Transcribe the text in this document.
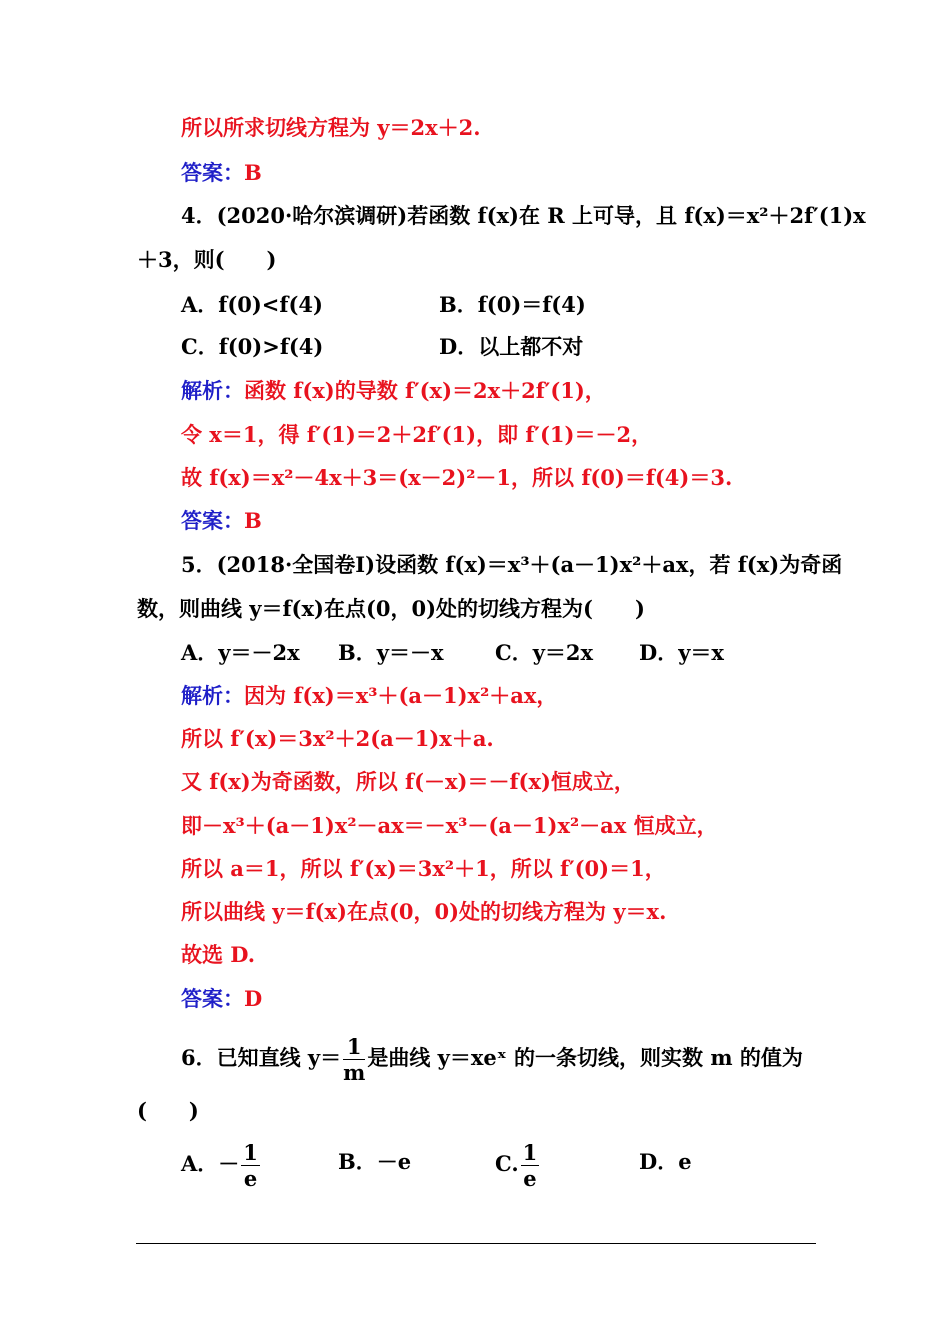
所以所求切线方程为 y＝2x＋2.
答案：B
4．(2020·哈尔滨调研)若函数 f(x)在 R 上可导，且 f(x)＝x²＋2f′(1)x
＋3，则(　　)
A．f(0)<f(4)	B．f(0)＝f(4)
C．f(0)>f(4)	D．以上都不对
解析：函数 f(x)的导数 f′(x)＝2x＋2f′(1)，
令 x＝1，得 f′(1)＝2＋2f′(1)，即 f′(1)＝－2，
故 f(x)＝x²－4x＋3＝(x－2)²－1，所以 f(0)＝f(4)＝3.
答案：B
5．(2018·全国卷Ⅰ)设函数 f(x)＝x³＋(a－1)x²＋ax，若 f(x)为奇函
数，则曲线 y＝f(x)在点(0，0)处的切线方程为(　　)
A．y＝－2x B．y＝－x C．y＝2x D．y＝x
解析：因为 f(x)＝x³＋(a－1)x²＋ax，
所以 f′(x)＝3x²＋2(a－1)x＋a.
又 f(x)为奇函数，所以 f(－x)＝－f(x)恒成立，
即－x³＋(a－1)x²－ax＝－x³－(a－1)x²－ax 恒成立，
所以 a＝1，所以 f′(x)＝3x²＋1，所以 f′(0)＝1，
所以曲线 y＝f(x)在点(0，0)处的切线方程为 y＝x.
故选 D.
答案：D
6．已知直线 $y= \frac{1}{m}$ 是曲线 y＝xeˣ 的一条切线，则实数 m 的值为
(　　)
A．－ $\frac{1}{e}$	B．－e	C. $\frac{1}{e}$	D．e
